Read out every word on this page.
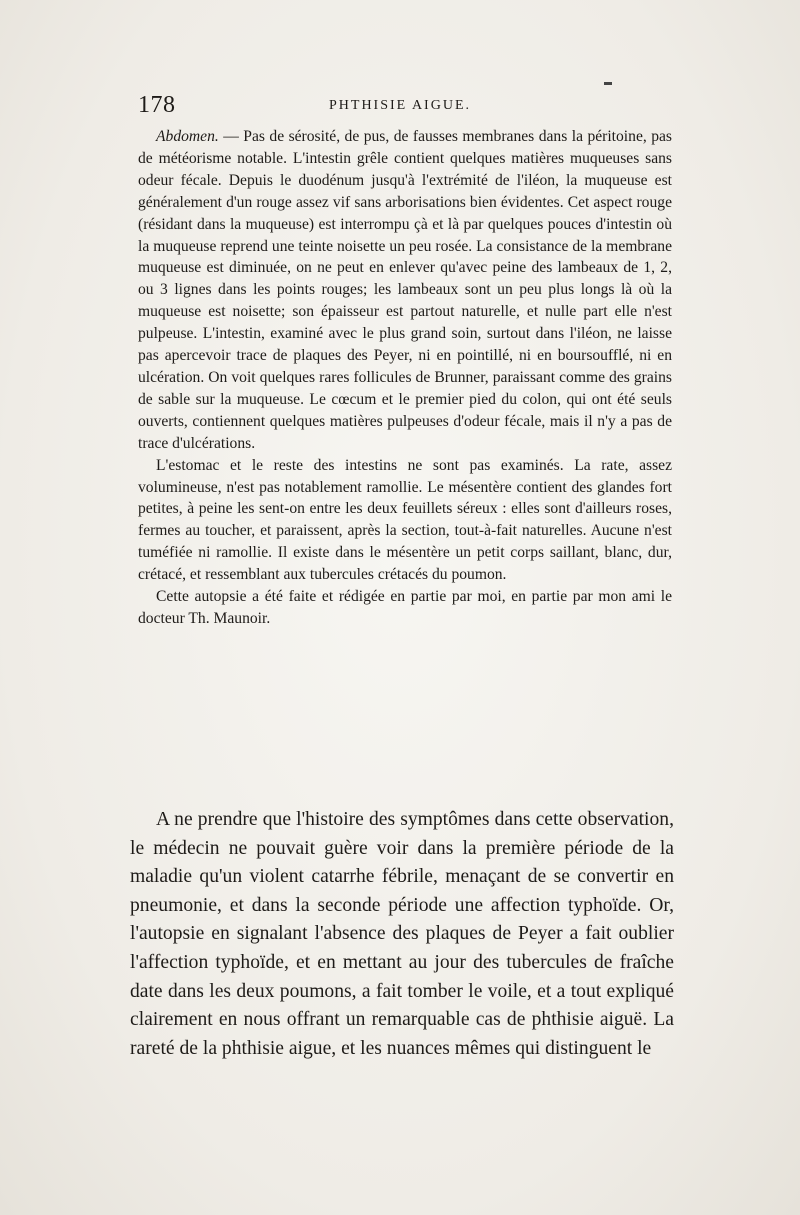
178	PHTHISIE AIGUE.

Abdomen. — Pas de sérosité, de pus, de fausses membranes dans la péritoine, pas de météorisme notable. L'intestin grêle contient quelques matières muqueuses sans odeur fécale. Depuis le duodénum jusqu'à l'extrémité de l'iléon, la muqueuse est généralement d'un rouge assez vif sans arborisations bien évidentes. Cet aspect rouge (résidant dans la muqueuse) est interrompu çà et là par quelques pouces d'intestin où la muqueuse reprend une teinte noisette un peu rosée. La consistance de la membrane muqueuse est diminuée, on ne peut en enlever qu'avec peine des lambeaux de 1, 2, ou 3 lignes dans les points rouges; les lambeaux sont un peu plus longs là où la muqueuse est noisette; son épaisseur est partout naturelle, et nulle part elle n'est pulpeuse. L'intestin, examiné avec le plus grand soin, surtout dans l'iléon, ne laisse pas apercevoir trace de plaques des Peyer, ni en pointillé, ni en boursoufflé, ni en ulcération. On voit quelques rares follicules de Brunner, paraissant comme des grains de sable sur la muqueuse. Le cœcum et le premier pied du colon, qui ont été seuls ouverts, contiennent quelques matières pulpeuses d'odeur fécale, mais il n'y a pas de trace d'ulcérations.

L'estomac et le reste des intestins ne sont pas examinés. La rate, assez volumineuse, n'est pas notablement ramollie. Le mésentère contient des glandes fort petites, à peine les sent-on entre les deux feuillets séreux : elles sont d'ailleurs roses, fermes au toucher, et paraissent, après la section, tout-à-fait naturelles. Aucune n'est tuméfiée ni ramollie. Il existe dans le mésentère un petit corps saillant, blanc, dur, crétacé, et ressemblant aux tubercules crétacés du poumon.

Cette autopsie a été faite et rédigée en partie par moi, en partie par mon ami le docteur Th. Maunoir.

A ne prendre que l'histoire des symptômes dans cette observation, le médecin ne pouvait guère voir dans la première période de la maladie qu'un violent catarrhe fébrile, menaçant de se convertir en pneumonie, et dans la seconde période une affection typhoïde. Or, l'autopsie en signalant l'absence des plaques de Peyer a fait oublier l'affection typhoïde, et en mettant au jour des tubercules de fraîche date dans les deux poumons, a fait tomber le voile, et a tout expliqué clairement en nous offrant un remarquable cas de phthisie aiguë. La rareté de la phthisie aigue, et les nuances mêmes qui distinguent le
